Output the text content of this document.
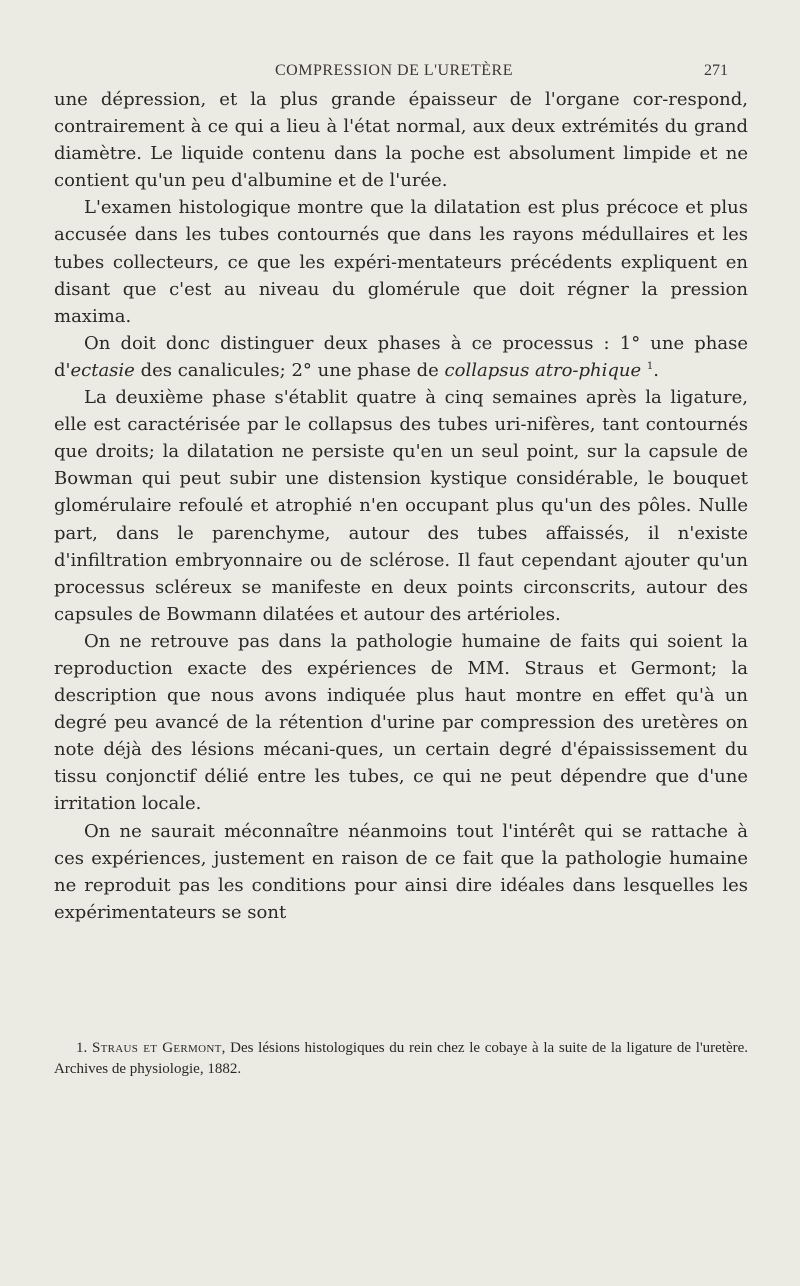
COMPRESSION DE L'URETÈRE	271

une dépression, et la plus grande épaisseur de l'organe cor-respond, contrairement à ce qui a lieu à l'état normal, aux deux extrémités du grand diamètre. Le liquide contenu dans la poche est absolument limpide et ne contient qu'un peu d'albumine et de l'urée.

L'examen histologique montre que la dilatation est plus précoce et plus accusée dans les tubes contournés que dans les rayons médullaires et les tubes collecteurs, ce que les expéri-mentateurs précédents expliquent en disant que c'est au niveau du glomérule que doit régner la pression maxima.

On doit donc distinguer deux phases à ce processus : 1° une phase d'ectasie des canalicules; 2° une phase de collapsus atro-phique $^1$.

La deuxième phase s'établit quatre à cinq semaines après la ligature, elle est caractérisée par le collapsus des tubes uri-nifères, tant contournés que droits; la dilatation ne persiste qu'en un seul point, sur la capsule de Bowman qui peut subir une distension kystique considérable, le bouquet glomérulaire refoulé et atrophié n'en occupant plus qu'un des pôles. Nulle part, dans le parenchyme, autour des tubes affaissés, il n'existe d'infiltration embryonnaire ou de sclérose. Il faut cependant ajouter qu'un processus scléreux se manifeste en deux points circonscrits, autour des capsules de Bowmann dilatées et autour des artérioles.

On ne retrouve pas dans la pathologie humaine de faits qui soient la reproduction exacte des expériences de MM. Straus et Germont; la description que nous avons indiquée plus haut montre en effet qu'à un degré peu avancé de la rétention d'urine par compression des uretères on note déjà des lésions mécani-ques, un certain degré d'épaississement du tissu conjonctif délié entre les tubes, ce qui ne peut dépendre que d'une irritation locale.

On ne saurait méconnaître néanmoins tout l'intérêt qui se rattache à ces expériences, justement en raison de ce fait que la pathologie humaine ne reproduit pas les conditions pour ainsi dire idéales dans lesquelles les expérimentateurs se sont

1. Straus et Germont, Des lésions histologiques du rein chez le cobaye à la suite de la ligature de l'uretère. Archives de physiologie, 1882.
